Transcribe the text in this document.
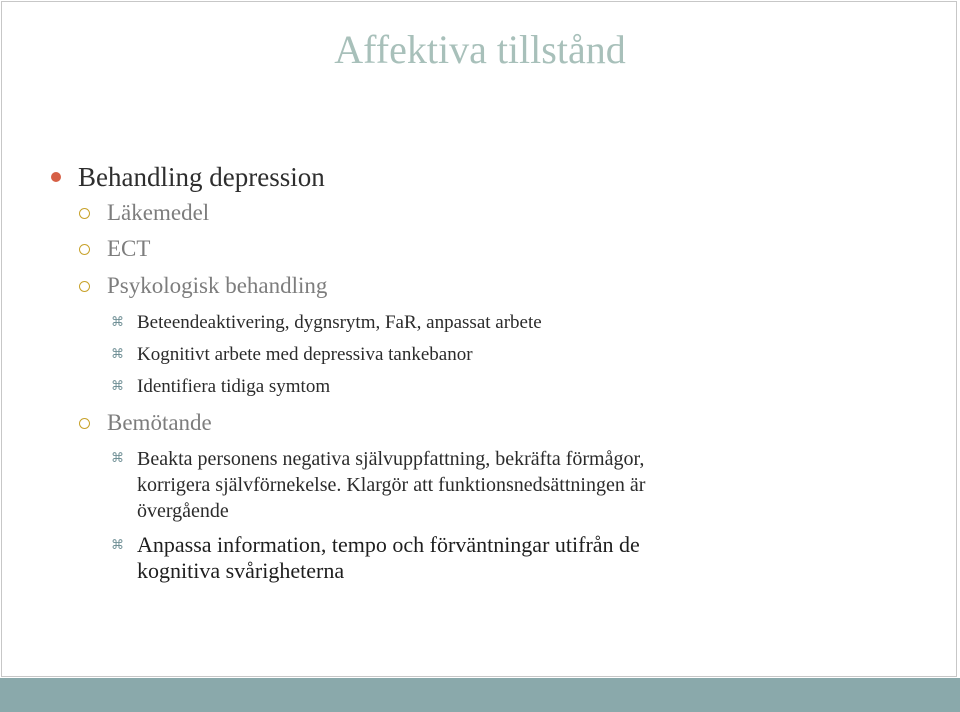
Affektiva tillstånd
Behandling depression
Läkemedel
ECT
Psykologisk behandling
⌘ Beteendeaktivering, dygnsrytm, FaR, anpassat arbete
⌘ Kognitivt arbete med depressiva tankebanor
⌘ Identifiera tidiga symtom
Bemötande
⌘ Beakta personens negativa självuppfattning, bekräfta förmågor,
korrigera självförnekelse. Klargör att funktionsnedsättningen är
övergående
⌘ Anpassa information, tempo och förväntningar utifrån de
kognitiva svårigheterna
